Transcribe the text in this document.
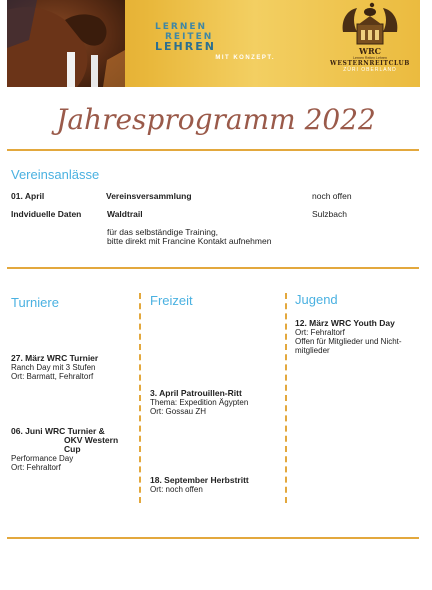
LERNEN
REITEN
LEHREN
MIT KONZEPT.
WRC
Lernen Reiten Lehren
WESTERNREITCLUB
ZÜRI OBERLAND
Jahresprogramm 2022
Vereinsanlässe
01. April	Vereinsversammlung	noch offen
Indviduelle Daten	Waldtrail	Sulzbach
für das selbständige Training,
bitte direkt mit Francine Kontakt aufnehmen
Turniere
27. März WRC Turnier
Ranch Day mit 3 Stufen
Ort: Barmatt, Fehraltorf
06. Juni WRC Turnier &
OKV Western Cup
Performance Day
Ort: Fehraltorf
Freizeit
3. April Patrouillen-Ritt
Thema: Expedition Ägypten
Ort: Gossau ZH
18. September Herbstritt
Ort: noch offen
Jugend
12. März WRC Youth Day
Ort: Fehraltorf
Offen für Mitglieder und Nicht-
mitglieder
